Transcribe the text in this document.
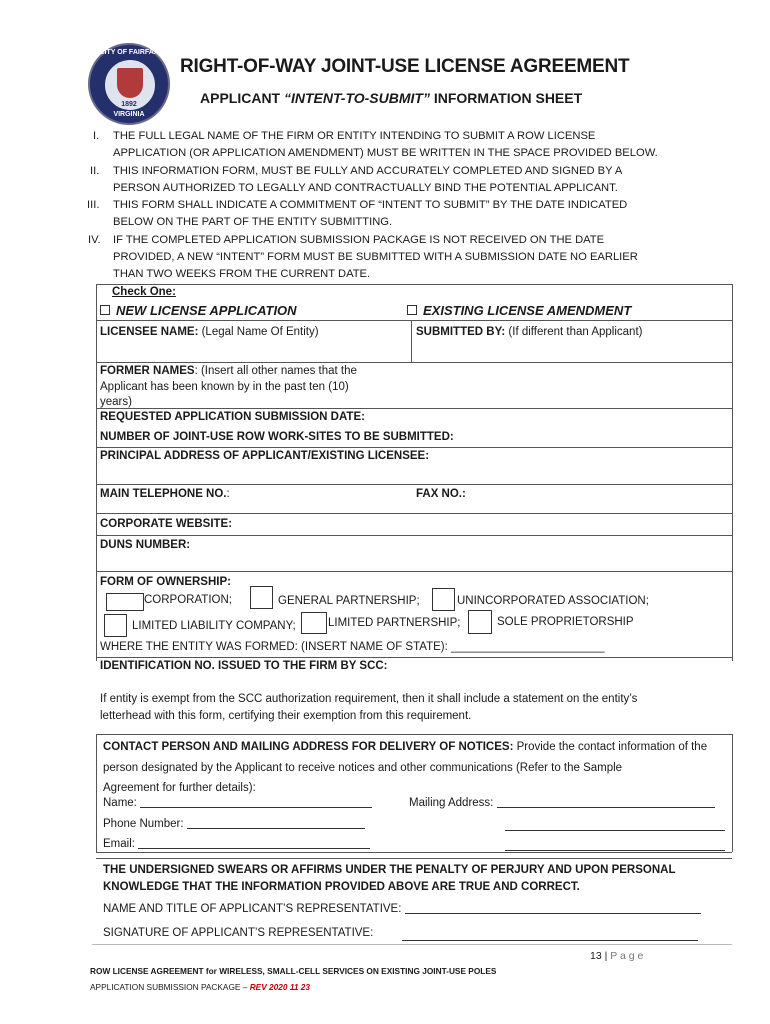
CITY OF FAIRFAX
1892
VIRGINIA
RIGHT-OF-WAY JOINT-USE LICENSE AGREEMENT
APPLICANT “INTENT-TO-SUBMIT” INFORMATION SHEET
I. THE FULL LEGAL NAME OF THE FIRM OR ENTITY INTENDING TO SUBMIT A ROW LICENSE
APPLICATION (OR APPLICATION AMENDMENT) MUST BE WRITTEN IN THE SPACE PROVIDED BELOW.
II. THIS INFORMATION FORM, MUST BE FULLY AND ACCURATELY COMPLETED AND SIGNED BY A
PERSON AUTHORIZED TO LEGALLY AND CONTRACTUALLY BIND THE POTENTIAL APPLICANT.
III. THIS FORM SHALL INDICATE A COMMITMENT OF “INTENT TO SUBMIT” BY THE DATE INDICATED
BELOW ON THE PART OF THE ENTITY SUBMITTING.
IV. IF THE COMPLETED APPLICATION SUBMISSION PACKAGE IS NOT RECEIVED ON THE DATE
PROVIDED, A NEW “INTENT” FORM MUST BE SUBMITTED WITH A SUBMISSION DATE NO EARLIER
THAN TWO WEEKS FROM THE CURRENT DATE.
Check One:
NEW LICENSE APPLICATION	EXISTING LICENSE AMENDMENT
LICENSEE NAME: (Legal Name Of Entity)	SUBMITTED BY: (If different than Applicant)
FORMER NAMES: (Insert all other names that the
Applicant has been known by in the past ten (10)
years)
REQUESTED APPLICATION SUBMISSION DATE:
NUMBER OF JOINT-USE ROW WORK-SITES TO BE SUBMITTED:
PRINCIPAL ADDRESS OF APPLICANT/EXISTING LICENSEE:
MAIN TELEPHONE NO.:	FAX NO.:
CORPORATE WEBSITE:
DUNS NUMBER:
FORM OF OWNERSHIP:
CORPORATION;	GENERAL PARTNERSHIP;	UNINCORPORATED ASSOCIATION;
LIMITED LIABILITY COMPANY;	LIMITED PARTNERSHIP;	SOLE PROPRIETORSHIP
WHERE THE ENTITY WAS FORMED: (INSERT NAME OF STATE): ________________________
IDENTIFICATION NO. ISSUED TO THE FIRM BY SCC:
If entity is exempt from the SCC authorization requirement, then it shall include a statement on the entity’s
letterhead with this form, certifying their exemption from this requirement.
CONTACT PERSON AND MAILING ADDRESS FOR DELIVERY OF NOTICES: Provide the contact information of the
person designated by the Applicant to receive notices and other communications (Refer to the Sample
Agreement for further details):
Name:	Mailing Address:
Phone Number:
Email:
THE UNDERSIGNED SWEARS OR AFFIRMS UNDER THE PENALTY OF PERJURY AND UPON PERSONAL
KNOWLEDGE THAT THE INFORMATION PROVIDED ABOVE ARE TRUE AND CORRECT.
NAME AND TITLE OF APPLICANT’S REPRESENTATIVE:
SIGNATURE OF APPLICANT’S REPRESENTATIVE:
13 | P a g e
ROW LICENSE AGREEMENT for WIRELESS, SMALL-CELL SERVICES ON EXISTING JOINT-USE POLES
APPLICATION SUBMISSION PACKAGE – REV 2020 11 23
